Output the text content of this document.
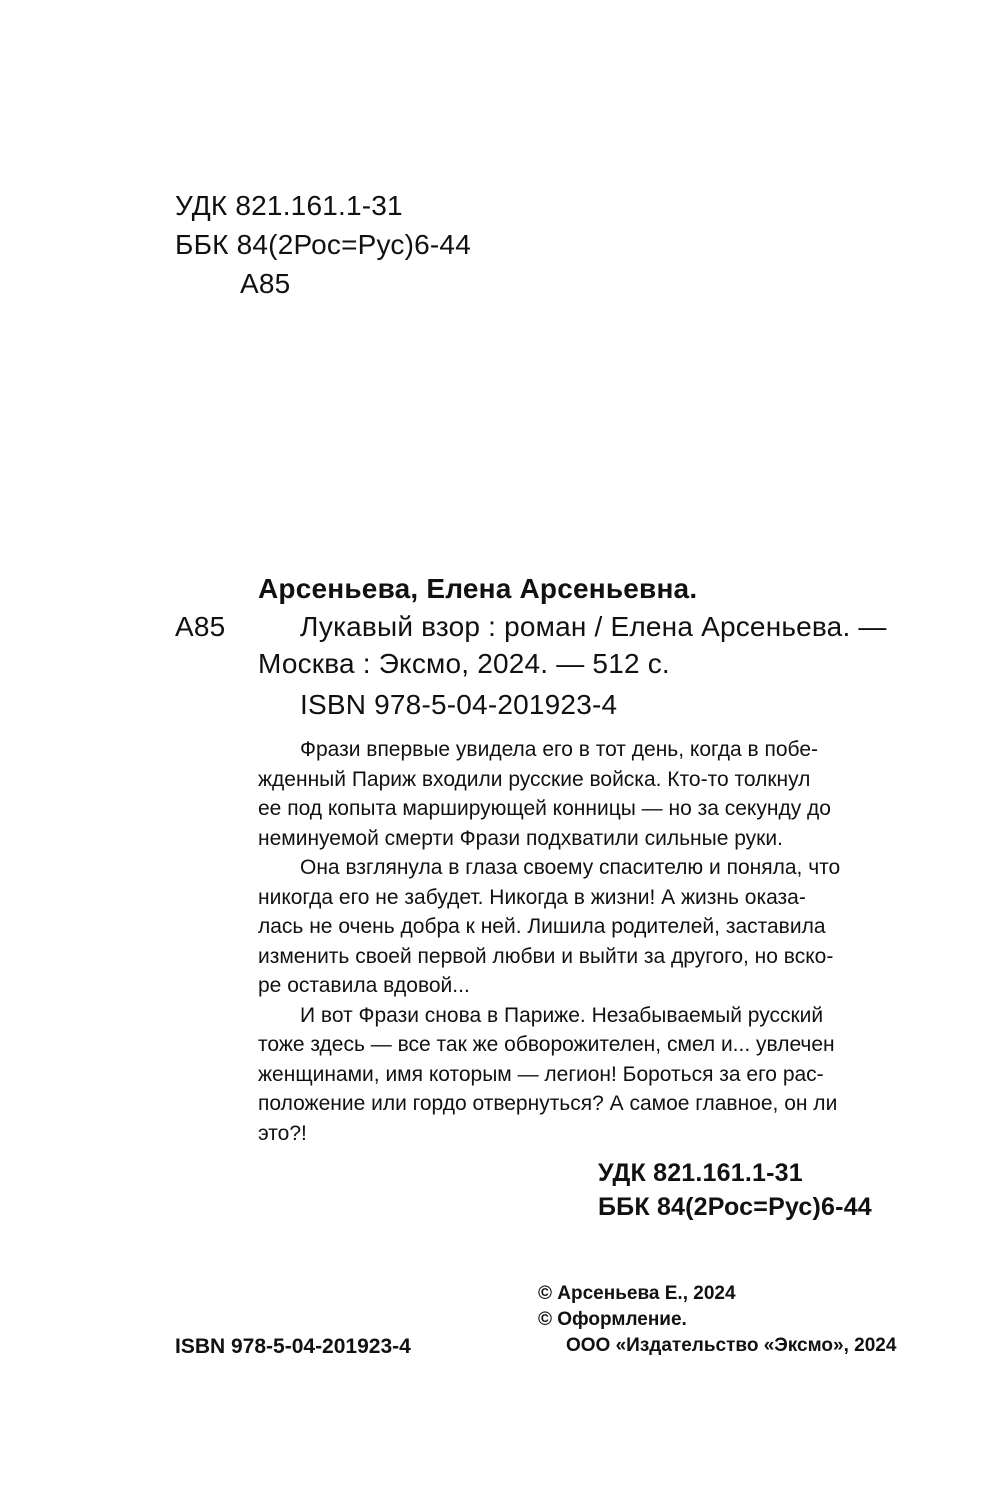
УДК 821.161.1-31
ББК 84(2Рос=Рус)6-44
А85
Арсеньева, Елена Арсеньевна.
А85	Лукавый взор : роман / Елена Арсеньева. —
Москва : Эксмо, 2024. — 512 с.
ISBN 978-5-04-201923-4
Фрази впервые увидела его в тот день, когда в побе-
жденный Париж входили русские войска. Кто-то толкнул
ее под копыта марширующей конницы — но за секунду до
неминуемой смерти Фрази подхватили сильные руки.
Она взглянула в глаза своему спасителю и поняла, что
никогда его не забудет. Никогда в жизни! А жизнь оказа-
лась не очень добра к ней. Лишила родителей, заставила
изменить своей первой любви и выйти за другого, но вско-
ре оставила вдовой...
И вот Фрази снова в Париже. Незабываемый русский
тоже здесь — все так же обворожителен, смел и... увлечен
женщинами, имя которым — легион! Бороться за его рас-
положение или гордо отвернуться? А самое главное, он ли
это?!
УДК 821.161.1-31
ББК 84(2Рос=Рус)6-44
© Арсеньева Е., 2024
© Оформление.
ООО «Издательство «Эксмо», 2024
ISBN 978-5-04-201923-4
